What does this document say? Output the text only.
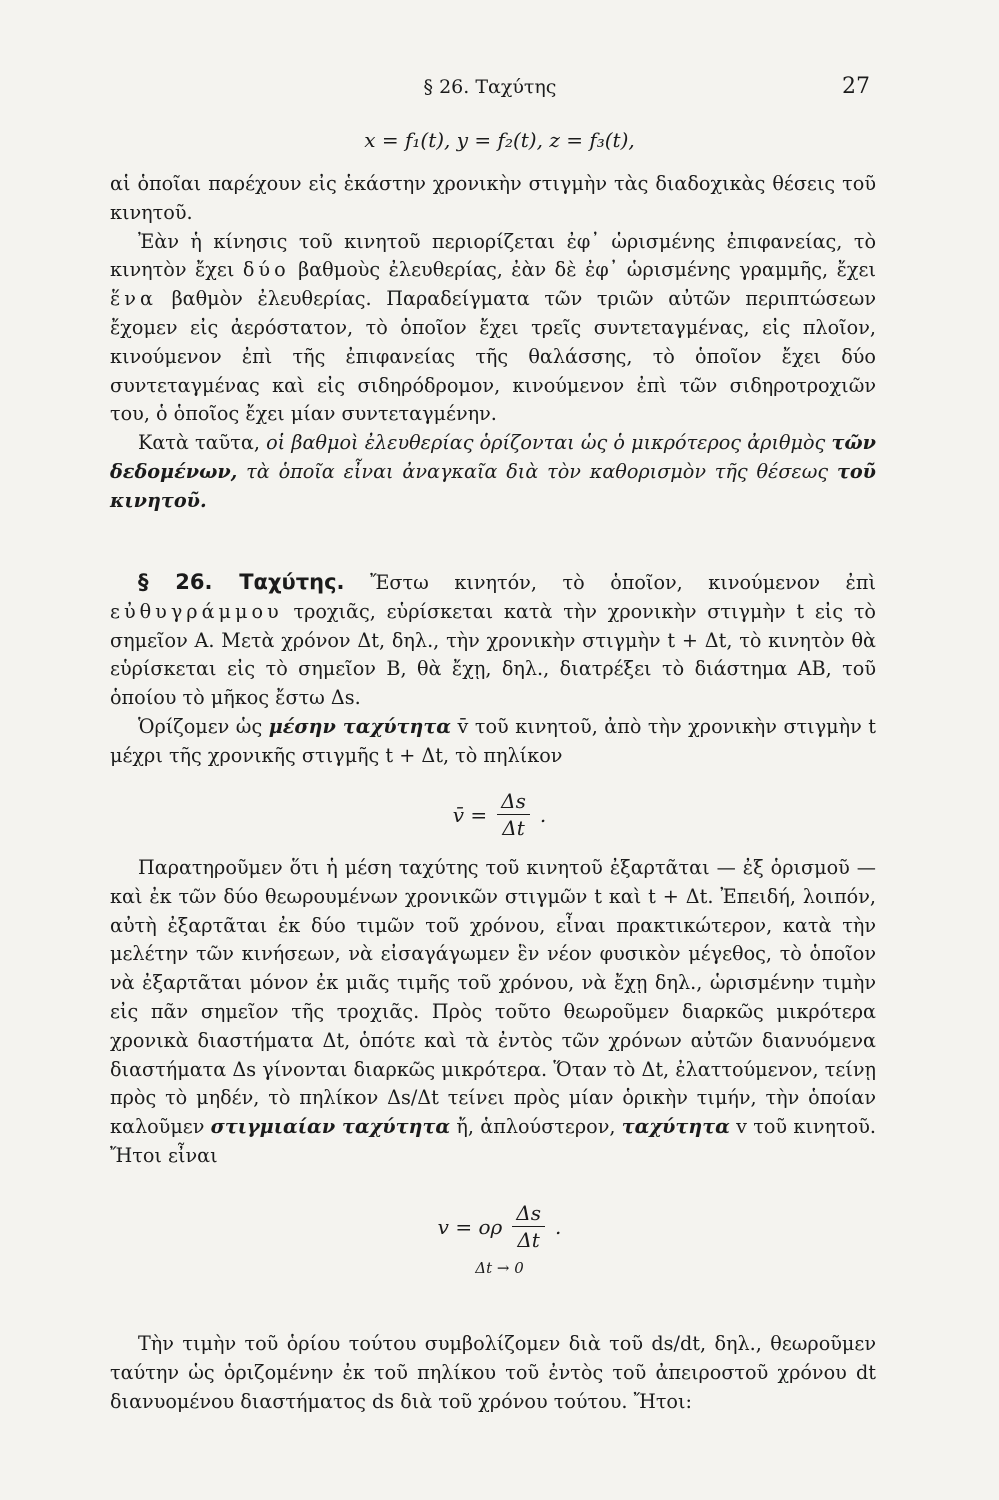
§ 26. Ταχύτης	27
x = f₁(t), y = f₂(t), z = f₃(t),

αἱ ὁποῖαι παρέχουν εἰς ἑκάστην χρονικὴν στιγμὴν τὰς διαδοχικὰς θέσεις τοῦ κινητοῦ.

Ἐὰν ἡ κίνησις τοῦ κινητοῦ περιορίζεται ἐφ᾽ ὡρισμένης ἐπιφανείας, τὸ κινητὸν ἔχει δύο βαθμοὺς ἐλευθερίας, ἐὰν δὲ ἐφ᾽ ὡρισμένης γραμμῆς, ἔχει ἕνα βαθμὸν ἐλευθερίας. Παραδείγματα τῶν τριῶν αὐτῶν περιπτώσεων ἔχομεν εἰς ἀερόστατον, τὸ ὁποῖον ἔχει τρεῖς συντεταγμένας, εἰς πλοῖον, κινούμενον ἐπὶ τῆς ἐπιφανείας τῆς θαλάσσης, τὸ ὁποῖον ἔχει δύο συντεταγμένας καὶ εἰς σιδηρόδρομον, κινούμενον ἐπὶ τῶν σιδηροτροχιῶν του, ὁ ὁποῖος ἔχει μίαν συντεταγμένην.

Κατὰ ταῦτα, οἱ βαθμοὶ ἐλευθερίας ὁρίζονται ὡς ὁ μικρότερος ἀριθμὸς τῶν δεδομένων, τὰ ὁποῖα εἶναι ἀναγκαῖα διὰ τὸν καθορισμὸν τῆς θέσεως τοῦ κινητοῦ.

§ 26. Ταχύτης. Ἔστω κινητόν, τὸ ὁποῖον, κινούμενον ἐπὶ εὐθυγράμμου τροχιᾶς, εὑρίσκεται κατὰ τὴν χρονικὴν στιγμὴν t εἰς τὸ σημεῖον A. Μετὰ χρόνον Δt, δηλ., τὴν χρονικὴν στιγμὴν t + Δt, τὸ κινητὸν θὰ εὑρίσκεται εἰς τὸ σημεῖον B, θὰ ἔχῃ, δηλ., διατρέξει τὸ διάστημα AB, τοῦ ὁποίου τὸ μῆκος ἔστω Δs.

Ὁρίζομεν ὡς μέσην ταχύτητα v̄ τοῦ κινητοῦ, ἀπὸ τὴν χρονικὴν στιγμὴν t μέχρι τῆς χρονικῆς στιγμῆς t + Δt, τὸ πηλίκον

v̄ = $\frac{\Delta s}{\Delta t}$ .

Παρατηροῦμεν ὅτι ἡ μέση ταχύτης τοῦ κινητοῦ ἐξαρτᾶται — ἐξ ὁρισμοῦ — καὶ ἐκ τῶν δύο θεωρουμένων χρονικῶν στιγμῶν t καὶ t + Δt. Ἐπειδή, λοιπόν, αὐτὴ ἐξαρτᾶται ἐκ δύο τιμῶν τοῦ χρόνου, εἶναι πρακτικώτερον, κατὰ τὴν μελέτην τῶν κινήσεων, νὰ εἰσαγάγωμεν ἓν νέον φυσικὸν μέγεθος, τὸ ὁποῖον νὰ ἐξαρτᾶται μόνον ἐκ μιᾶς τιμῆς τοῦ χρόνου, νὰ ἔχῃ δηλ., ὡρισμένην τιμὴν εἰς πᾶν σημεῖον τῆς τροχιᾶς. Πρὸς τοῦτο θεωροῦμεν διαρκῶς μικρότερα χρονικὰ διαστήματα Δt, ὁπότε καὶ τὰ ἐντὸς τῶν χρόνων αὐτῶν διανυόμενα διαστήματα Δs γίνονται διαρκῶς μικρότερα. Ὅταν τὸ Δt, ἐλαττούμενον, τείνῃ πρὸς τὸ μηδέν, τὸ πηλίκον Δs/Δt τείνει πρὸς μίαν ὁρικὴν τιμήν, τὴν ὁποίαν καλοῦμεν στιγμιαίαν ταχύτητα ἤ, ἁπλούστερον, ταχύτητα v τοῦ κινητοῦ. Ἤτοι εἶναι

v = ορ $\frac{\Delta s}{\Delta t}$ .
Δt → 0

Τὴν τιμὴν τοῦ ὁρίου τούτου συμβολίζομεν διὰ τοῦ ds/dt, δηλ., θεωροῦμεν ταύτην ὡς ὁριζομένην ἐκ τοῦ πηλίκου τοῦ ἐντὸς τοῦ ἀπειροστοῦ χρόνου dt διανυομένου διαστήματος ds διὰ τοῦ χρόνου τούτου. Ἤτοι:
